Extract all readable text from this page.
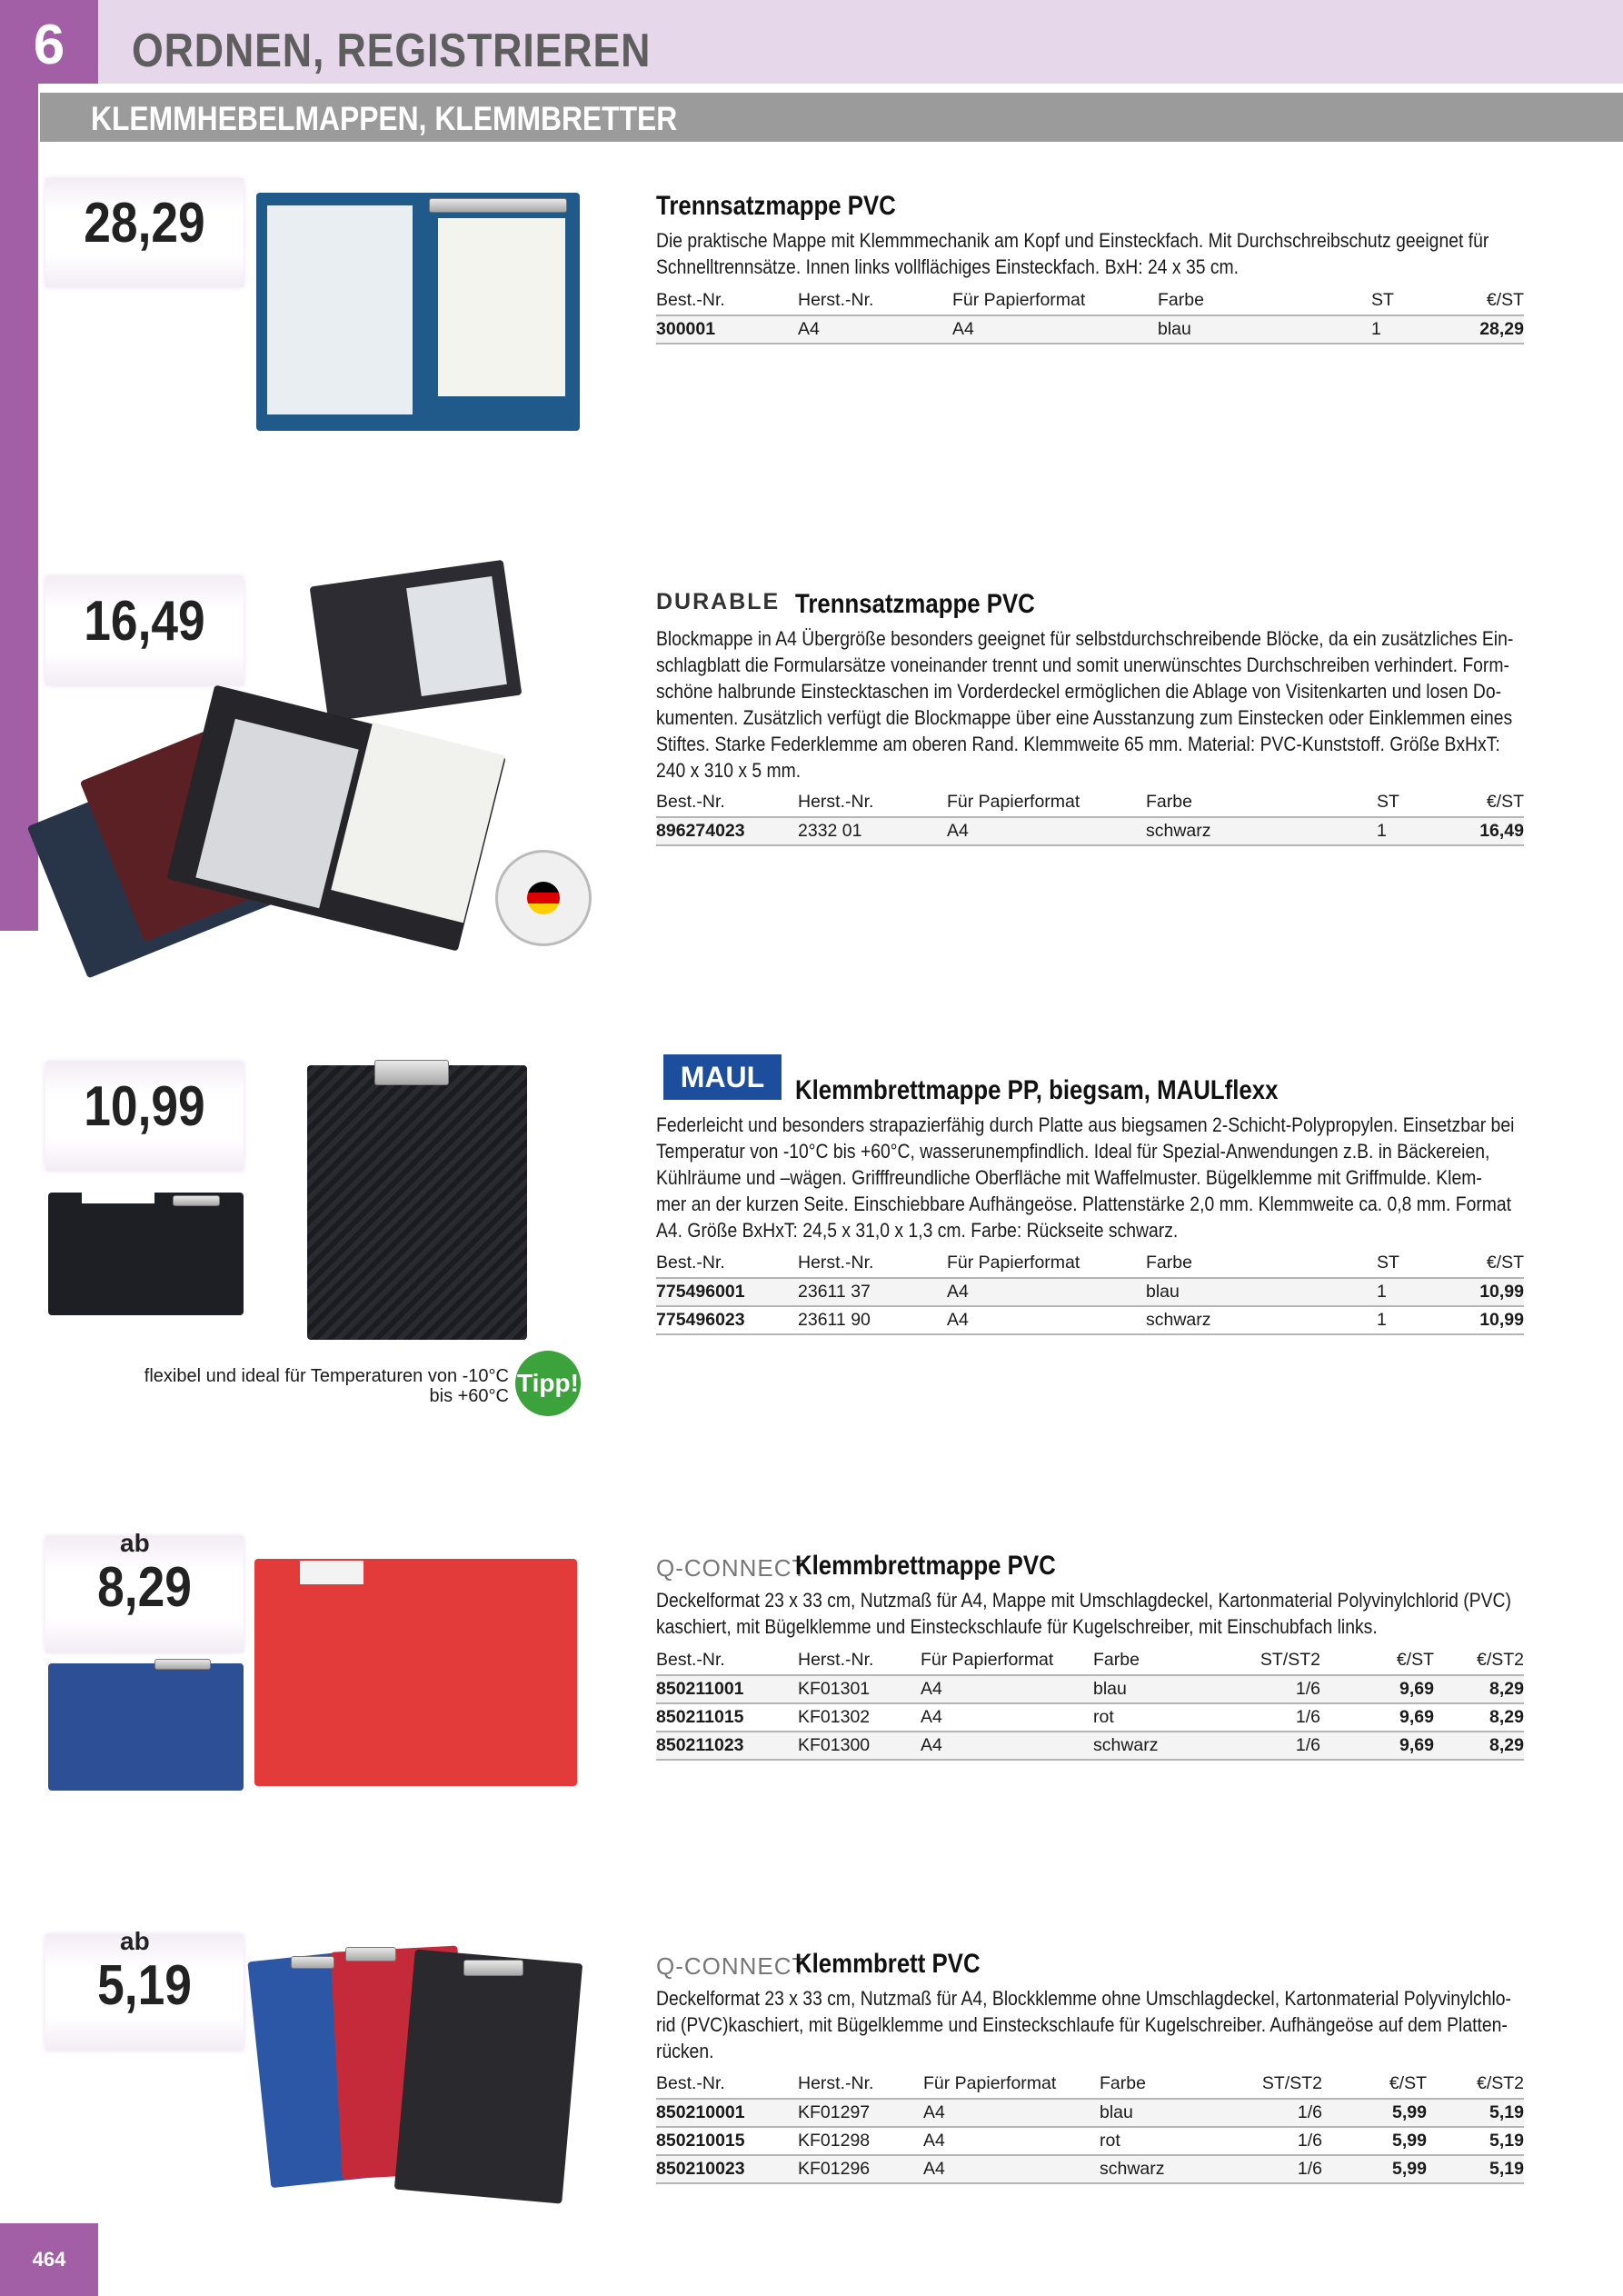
6	ORDNEN, REGISTRIEREN
KLEMMHEBELMAPPEN, KLEMMBRETTER
28,29	Trennsatzmappe PVC
Die praktische Mappe mit Klemmmechanik am Kopf und Einsteckfach. Mit Durchschreibschutz geeignet für
Schnelltrennsätze. Innen links vollflächiges Einsteckfach. BxH: 24 x 35 cm.
Best.-Nr.	Herst.-Nr.	Für Papierformat	Farbe	ST	€/ST
300001	A4	A4	blau	1	28,29
16,49	DURABLE Trennsatzmappe PVC
Blockmappe in A4 Übergröße besonders geeignet für selbstdurchschreibende Blöcke, da ein zusätzliches Ein-
schlagblatt die Formularsätze voneinander trennt und somit unerwünschtes Durchschreiben verhindert. Form-
schöne halbrunde Einstecktaschen im Vorderdeckel ermöglichen die Ablage von Visitenkarten und losen Do-
kumenten. Zusätzlich verfügt die Blockmappe über eine Ausstanzung zum Einstecken oder Einklemmen eines
Stiftes. Starke Federklemme am oberen Rand. Klemmweite 65 mm. Material: PVC-Kunststoff. Größe BxHxT:
240 x 310 x 5 mm.
Best.-Nr.	Herst.-Nr.	Für Papierformat	Farbe	ST	€/ST
896274023	2332 01	A4	schwarz	1	16,49
10,99
flexibel und ideal für Temperaturen von -10°C bis +60°C Tipp!
MAUL	Klemmbrettmappe PP, biegsam, MAULflexx
Federleicht und besonders strapazierfähig durch Platte aus biegsamen 2-Schicht-Polypropylen. Einsetzbar bei
Temperatur von -10°C bis +60°C, wasserunempfindlich. Ideal für Spezial-Anwendungen z.B. in Bäckereien,
Kühlräume und –wägen. Grifffreundliche Oberfläche mit Waffelmuster. Bügelklemme mit Griffmulde. Klem-
mer an der kurzen Seite. Einschiebbare Aufhängeöse. Plattenstärke 2,0 mm. Klemmweite ca. 0,8 mm. Format
A4. Größe BxHxT: 24,5 x 31,0 x 1,3 cm. Farbe: Rückseite schwarz.
Best.-Nr.	Herst.-Nr.	Für Papierformat	Farbe	ST	€/ST
775496001	23611 37	A4	blau	1	10,99
775496023	23611 90	A4	schwarz	1	10,99
ab
8,29	Q-CONNECT
Klemmbrettmappe PVC
Deckelformat 23 x 33 cm, Nutzmaß für A4, Mappe mit Umschlagdeckel, Kartonmaterial Polyvinylchlorid (PVC)
kaschiert, mit Bügelklemme und Einsteckschlaufe für Kugelschreiber, mit Einschubfach links.
Best.-Nr.	Herst.-Nr.	Für Papierformat	Farbe	ST/ST2	€/ST	€/ST2
850211001	KF01301	A4	blau	1/6	9,69	8,29
850211015	KF01302	A4	rot	1/6	9,69	8,29
850211023	KF01300	A4	schwarz	1/6	9,69	8,29
ab
5,19	Q-CONNECT
Klemmbrett PVC
Deckelformat 23 x 33 cm, Nutzmaß für A4, Blockklemme ohne Umschlagdeckel, Kartonmaterial Polyvinylchlo-
rid (PVC)kaschiert, mit Bügelklemme und Einsteckschlaufe für Kugelschreiber. Aufhängeöse auf dem Platten-
rücken.
Best.-Nr.	Herst.-Nr.	Für Papierformat	Farbe	ST/ST2	€/ST	€/ST2
850210001	KF01297	A4	blau	1/6	5,99	5,19
850210015	KF01298	A4	rot	1/6	5,99	5,19
850210023	KF01296	A4	schwarz	1/6	5,99	5,19
464
